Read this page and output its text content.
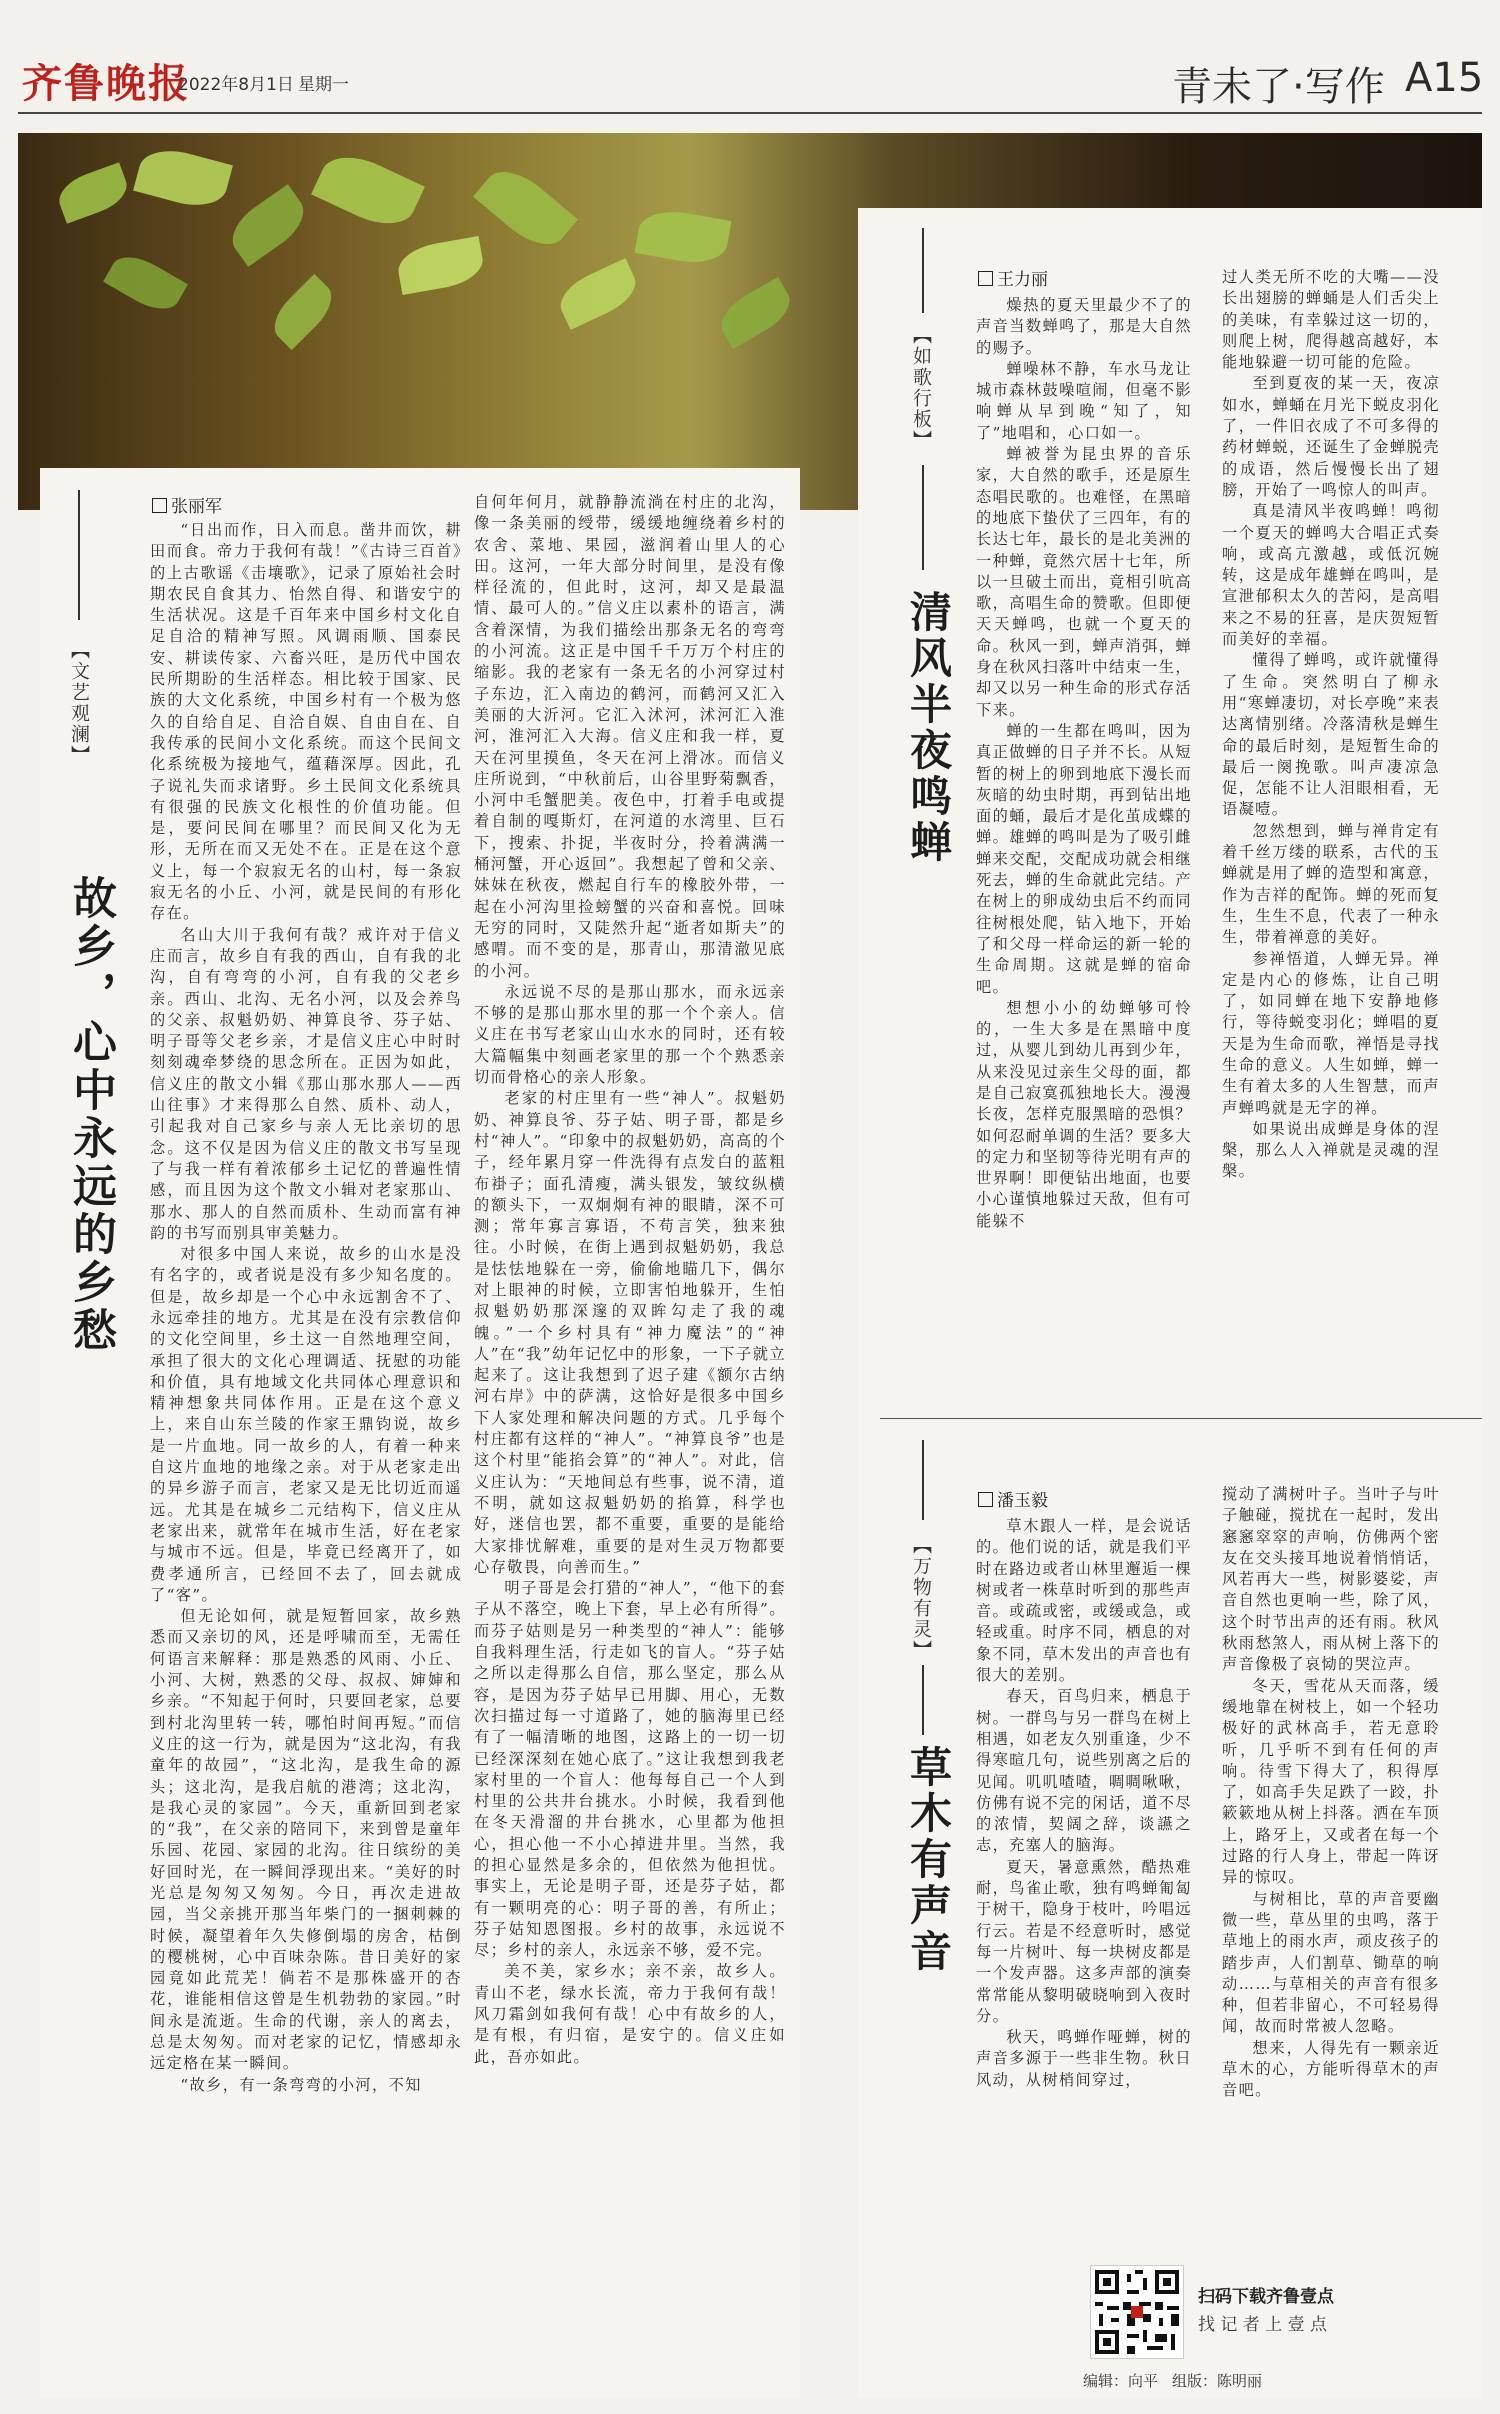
齐鲁晚报
2022年8月1日 星期一	青未了·写作 A15
【文艺观澜】
故乡，心中永远的乡愁
张丽军

“日出而作，日入而息。凿井而饮，耕田而食。帝力于我何有哉！”《古诗三百首》的上古歌谣《击壤歌》，记录了原始社会时期农民自食其力、怡然自得、和谐安宁的生活状况。这是千百年来中国乡村文化自足自洽的精神写照。风调雨顺、国泰民安、耕读传家、六畜兴旺，是历代中国农民所期盼的生活样态。相比较于国家、民族的大文化系统，中国乡村有一个极为悠久的自给自足、自洽自娱、自由自在、自我传承的民间小文化系统。而这个民间文化系统极为接地气，蕴藉深厚。因此，孔子说礼失而求诸野。乡土民间文化系统具有很强的民族文化根性的价值功能。但是，要问民间在哪里？而民间又化为无形，无所在而又无处不在。正是在这个意义上，每一个寂寂无名的山村，每一条寂寂无名的小丘、小河，就是民间的有形化存在。

名山大川于我何有哉？戒许对于信义庄而言，故乡自有我的西山，自有我的北沟，自有弯弯的小河，自有我的父老乡亲。西山、北沟、无名小河，以及会养鸟的父亲、叔魁奶奶、神算良爷、芬子姑、明子哥等父老乡亲，才是信义庄心中时时刻刻魂牵梦绕的思念所在。正因为如此，信义庄的散文小辑《那山那水那人——西山往事》才来得那么自然、质朴、动人，引起我对自己家乡与亲人无比亲切的思念。这不仅是因为信义庄的散文书写呈现了与我一样有着浓郁乡土记忆的普遍性情感，而且因为这个散文小辑对老家那山、那水、那人的自然而质朴、生动而富有神韵的书写而别具审美魅力。

对很多中国人来说，故乡的山水是没有名字的，或者说是没有多少知名度的。但是，故乡却是一个心中永远割舍不了、永远牵挂的地方。尤其是在没有宗教信仰的文化空间里，乡土这一自然地理空间，承担了很大的文化心理调适、抚慰的功能和价值，具有地域文化共同体心理意识和精神想象共同体作用。正是在这个意义上，来自山东兰陵的作家王鼎钧说，故乡是一片血地。同一故乡的人，有着一种来自这片血地的地缘之亲。对于从老家走出的异乡游子而言，老家又是无比切近而遥远。尤其是在城乡二元结构下，信义庄从老家出来，就常年在城市生活，好在老家与城市不远。但是，毕竟已经离开了，如费孝通所言，已经回不去了，回去就成了“客”。

但无论如何，就是短暂回家，故乡熟悉而又亲切的风，还是呼啸而至，无需任何语言来解释：那是熟悉的风雨、小丘、小河、大树，熟悉的父母、叔叔、婶婶和乡亲。“不知起于何时，只要回老家，总要到村北沟里转一转，哪怕时间再短。”而信义庄的这一行为，就是因为“这北沟，有我童年的故园”，“这北沟，是我生命的源头；这北沟，是我启航的港湾；这北沟，是我心灵的家园”。今天，重新回到老家的“我”，在父亲的陪同下，来到曾是童年乐园、花园、家园的北沟。往日缤纷的美好回时光，在一瞬间浮现出来。“美好的时光总是匆匆又匆匆。今日，再次走进故园，当父亲挑开那当年柴门的一捆刺棘的时候，凝望着年久失修倒塌的房舍，枯倒的樱桃树，心中百味杂陈。昔日美好的家园竟如此荒芜！倘若不是那株盛开的杏花，谁能相信这曾是生机勃勃的家园。”时间永是流逝。生命的代谢，亲人的离去，总是太匆匆。而对老家的记忆，情感却永远定格在某一瞬间。

“故乡，有一条弯弯的小河，不知

自何年何月，就静静流淌在村庄的北沟，像一条美丽的绶带，缓缓地缠绕着乡村的农舍、菜地、果园，滋润着山里人的心田。这河，一年大部分时间里，是没有像样径流的，但此时，这河，却又是最温情、最可人的。”信义庄以素朴的语言，满含着深情，为我们描绘出那条无名的弯弯的小河流。这正是中国千千万万个村庄的缩影。我的老家有一条无名的小河穿过村子东边，汇入南边的鹤河，而鹤河又汇入美丽的大沂河。它汇入沭河，沭河汇入淮河，淮河汇入大海。信义庄和我一样，夏天在河里摸鱼，冬天在河上滑冰。而信义庄所说到，“中秋前后，山谷里野菊飘香，小河中毛蟹肥美。夜色中，打着手电或提着自制的嘎斯灯，在河道的水湾里、巨石下，搜索、扑捉，半夜时分，拎着满满一桶河蟹，开心返回”。我想起了曾和父亲、妹妹在秋夜，燃起自行车的橡胶外带，一起在小河沟里捡螃蟹的兴奋和喜悦。回味无穷的同时，又陡然升起“逝者如斯夫”的感喟。而不变的是，那青山，那清澈见底的小河。

永远说不尽的是那山那水，而永远亲不够的是那山那水里的那一个个亲人。信义庄在书写老家山山水水的同时，还有较大篇幅集中刻画老家里的那一个个熟悉亲切而骨格心的亲人形象。

老家的村庄里有一些“神人”。叔魁奶奶、神算良爷、芬子姑、明子哥，都是乡村“神人”。“印象中的叔魁奶奶，高高的个子，经年累月穿一件洗得有点发白的蓝粗布褂子；面孔清瘦，满头银发，皱纹纵横的额头下，一双炯炯有神的眼睛，深不可测；常年寡言寡语，不苟言笑，独来独往。小时候，在街上遇到叔魁奶奶，我总是怯怯地躲在一旁，偷偷地瞄几下，偶尔对上眼神的时候，立即害怕地躲开，生怕叔魁奶奶那深邃的双眸勾走了我的魂魄。”一个乡村具有“神力魔法”的“神人”在“我”幼年记忆中的形象，一下子就立起来了。这让我想到了迟子建《额尔古纳河右岸》中的萨满，这恰好是很多中国乡下人家处理和解决问题的方式。几乎每个村庄都有这样的“神人”。“神算良爷”也是这个村里“能掐会算”的“神人”。对此，信义庄认为：“天地间总有些事，说不清，道不明，就如这叔魁奶奶的掐算，科学也好，迷信也罢，都不重要，重要的是能给大家排忧解难，重要的是对生灵万物都要心存敬畏，向善而生。”

明子哥是会打猎的“神人”，“他下的套子从不落空，晚上下套，早上必有所得”。而芬子姑则是另一种类型的“神人”：能够自我料理生活，行走如飞的盲人。“芬子姑之所以走得那么自信，那么坚定，那么从容，是因为芬子姑早已用脚、用心，无数次扫描过每一寸道路了，她的脑海里已经有了一幅清晰的地图，这路上的一切一切已经深深刻在她心底了。”这让我想到我老家村里的一个盲人：他每每自己一个人到村里的公共井台挑水。小时候，我看到他在冬天滑溜的井台挑水，心里都为他担心，担心他一不小心掉进井里。当然，我的担心显然是多余的，但依然为他担忧。事实上，无论是明子哥，还是芬子姑，都有一颗明亮的心：明子哥的善，有所止；芬子姑知恩图报。乡村的故事，永远说不尽；乡村的亲人，永远亲不够，爱不完。

美不美，家乡水；亲不亲，故乡人。青山不老，绿水长流，帝力于我何有哉！风刀霜剑如我何有哉！心中有故乡的人，是有根，有归宿，是安宁的。信义庄如此，吾亦如此。

【如歌行板】
清风半夜鸣蝉
王力丽

燥热的夏天里最少不了的声音当数蝉鸣了，那是大自然的赐予。

蝉噪林不静，车水马龙让城市森林鼓噪喧闹，但毫不影响蝉从早到晚“知了，知了”地唱和，心口如一。

蝉被誉为昆虫界的音乐家，大自然的歌手，还是原生态唱民歌的。也难怪，在黑暗的地底下蛰伏了三四年，有的长达七年，最长的是北美洲的一种蝉，竟然穴居十七年，所以一旦破土而出，竟相引吭高歌，高唱生命的赞歌。但即便天天蝉鸣，也就一个夏天的命。秋风一到，蝉声消弭，蝉身在秋风扫落叶中结束一生，却又以另一种生命的形式存活下来。

蝉的一生都在鸣叫，因为真正做蝉的日子并不长。从短暂的树上的卵到地底下漫长而灰暗的幼虫时期，再到钻出地面的蛹，最后才是化茧成蝶的蝉。雄蝉的鸣叫是为了吸引雌蝉来交配，交配成功就会相继死去，蝉的生命就此完结。产在树上的卵成幼虫后不约而同往树根处爬，钻入地下，开始了和父母一样命运的新一轮的生命周期。这就是蝉的宿命吧。

想想小小的幼蝉够可怜的，一生大多是在黑暗中度过，从婴儿到幼儿再到少年，从来没见过亲生父母的面，都是自己寂寞孤独地长大。漫漫长夜，怎样克服黑暗的恐惧？如何忍耐单调的生活？要多大的定力和坚韧等待光明有声的世界啊！即便钻出地面，也要小心谨慎地躲过天敌，但有可能躲不

过人类无所不吃的大嘴——没长出翅膀的蝉蛹是人们舌尖上的美味，有幸躲过这一切的，则爬上树，爬得越高越好，本能地躲避一切可能的危险。

至到夏夜的某一天，夜凉如水，蝉蛹在月光下蜕皮羽化了，一件旧衣成了不可多得的药材蝉蜕，还诞生了金蝉脱壳的成语，然后慢慢长出了翅膀，开始了一鸣惊人的叫声。

真是清风半夜鸣蝉！鸣彻一个夏天的蝉鸣大合唱正式奏响，或高亢激越，或低沉婉转，这是成年雄蝉在鸣叫，是宣泄郁积太久的苦闷，是高唱来之不易的狂喜，是庆贺短暂而美好的幸福。

懂得了蝉鸣，或许就懂得了生命。突然明白了柳永用“寒蝉凄切，对长亭晚”来表达离情别绪。冷落清秋是蝉生命的最后时刻，是短暂生命的最后一阕挽歌。叫声凄凉急促，怎能不让人泪眼相看，无语凝噎。

忽然想到，蝉与禅肯定有着千丝万缕的联系，古代的玉蝉就是用了蝉的造型和寓意，作为吉祥的配饰。蝉的死而复生，生生不息，代表了一种永生，带着禅意的美好。

参禅悟道，人蝉无异。禅定是内心的修炼，让自己明了，如同蝉在地下安静地修行，等待蜕变羽化；蝉唱的夏天是为生命而歌，禅悟是寻找生命的意义。人生如蝉，蝉一生有着太多的人生智慧，而声声蝉鸣就是无字的禅。

如果说出成蝉是身体的涅槃，那么人入禅就是灵魂的涅槃。

【万物有灵】
草木有声音
潘玉毅

草木跟人一样，是会说话的。他们说的话，就是我们平时在路边或者山林里邂逅一棵树或者一株草时听到的那些声音。或疏或密，或缓或急，或轻或重。时序不同，栖息的对象不同，草木发出的声音也有很大的差别。

春天，百鸟归来，栖息于树。一群鸟与另一群鸟在树上相遇，如老友久别重逢，少不得寒暄几句，说些别离之后的见闻。叽叽喳喳，啁啁啾啾，仿佛有说不完的闲话，道不尽的浓情，契阔之辞，谈讌之志，充塞人的脑海。

夏天，暑意熏然，酷热难耐，鸟雀止歌，独有鸣蝉匍匐于树干，隐身于枝叶，吟唱远行云。若是不经意听时，感觉每一片树叶、每一块树皮都是一个发声器。这多声部的演奏常常能从黎明破晓响到入夜时分。

秋天，鸣蝉作哑蝉，树的声音多源于一些非生物。秋日风动，从树梢间穿过，

搅动了满树叶子。当叶子与叶子触碰，搅扰在一起时，发出窸窸窣窣的声响，仿佛两个密友在交头接耳地说着悄悄话，风若再大一些，树影婆娑，声音自然也更响一些，除了风，这个时节出声的还有雨。秋风秋雨愁煞人，雨从树上落下的声音像极了哀恸的哭泣声。

冬天，雪花从天而落，缓缓地靠在树枝上，如一个轻功极好的武林高手，若无意聆听，几乎听不到有任何的声响。待雪下得大了，积得厚了，如高手失足跌了一跤，扑簌簌地从树上抖落。洒在车顶上，路牙上，又或者在每一个过路的行人身上，带起一阵讶异的惊叹。

与树相比，草的声音要幽微一些，草丛里的虫鸣，落于草地上的雨水声，顽皮孩子的踏步声，人们割草、锄草的响动……与草相关的声音有很多种，但若非留心，不可轻易得闻，故而时常被人忽略。

想来，人得先有一颗亲近草木的心，方能听得草木的声音吧。

扫码下载齐鲁壹点
找 记 者 上 壹 点
编辑：向平 组版：陈明丽
